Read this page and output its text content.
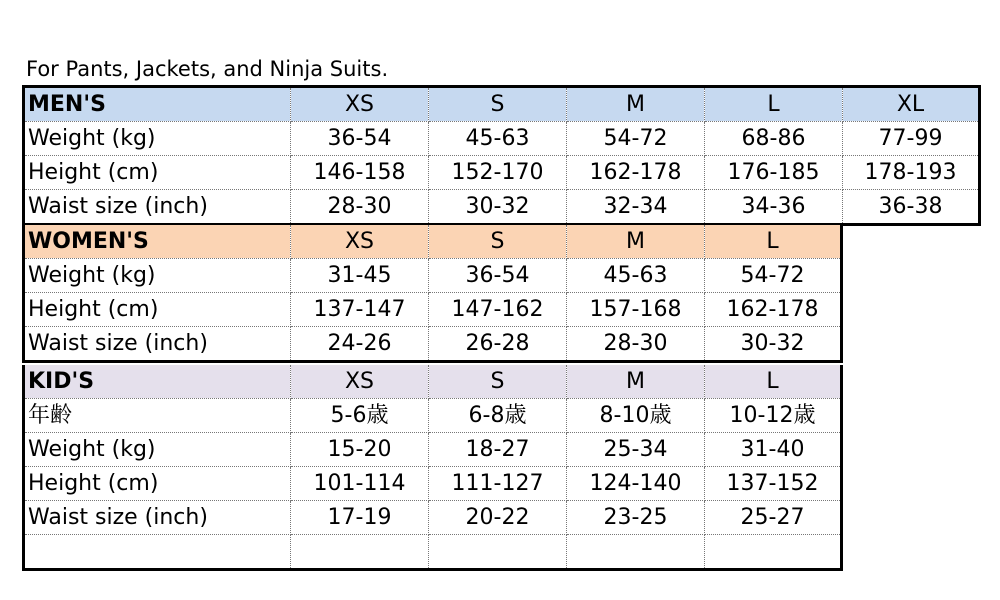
For Pants, Jackets, and Ninja Suits.
MEN'S	XS	S	M	L	XL
Weight (kg)	36-54	45-63	54-72	68-86	77-99
Height (cm)	146-158	152-170	162-178	176-185	178-193
Waist size (inch)	28-30	30-32	32-34	34-36	36-38
WOMEN'S	XS	S	M	L
Weight (kg)	31-45	36-54	45-63	54-72
Height (cm)	137-147	147-162	157-168	162-178
Waist size (inch)	24-26	26-28	28-30	30-32
KID'S	XS	S	M	L
年齢	5-6歳	6-8歳	8-10歳	10-12歳
Weight (kg)	15-20	18-27	25-34	31-40
Height (cm)	101-114	111-127	124-140	137-152
Waist size (inch)	17-19	20-22	23-25	25-27
